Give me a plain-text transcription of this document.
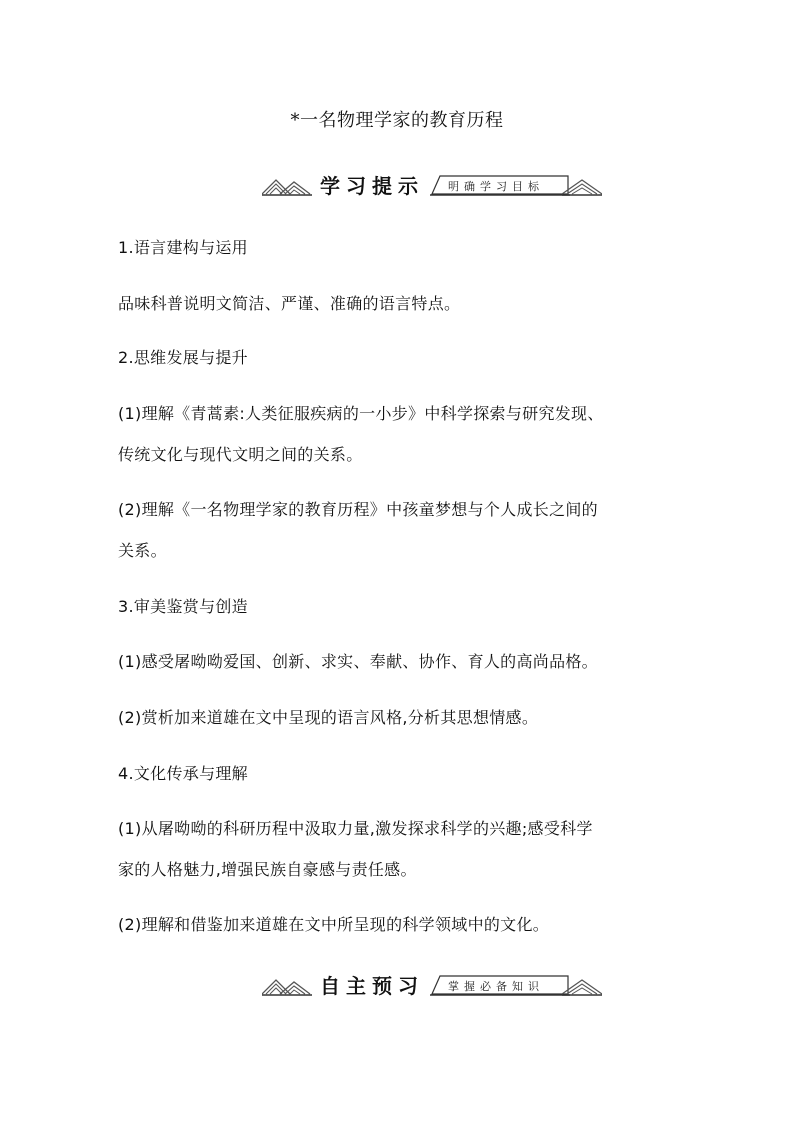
*一名物理学家的教育历程
学习提示 明确学习目标
1.语言建构与运用
品味科普说明文简洁、严谨、准确的语言特点。
2.思维发展与提升
(1)理解《青蒿素:人类征服疾病的一小步》中科学探索与研究发现、
传统文化与现代文明之间的关系。
(2)理解《一名物理学家的教育历程》中孩童梦想与个人成长之间的
关系。
3.审美鉴赏与创造
(1)感受屠呦呦爱国、创新、求实、奉献、协作、育人的高尚品格。
(2)赏析加来道雄在文中呈现的语言风格,分析其思想情感。
4.文化传承与理解
(1)从屠呦呦的科研历程中汲取力量,激发探求科学的兴趣;感受科学
家的人格魅力,增强民族自豪感与责任感。
(2)理解和借鉴加来道雄在文中所呈现的科学领域中的文化。
自主预习 掌握必备知识
